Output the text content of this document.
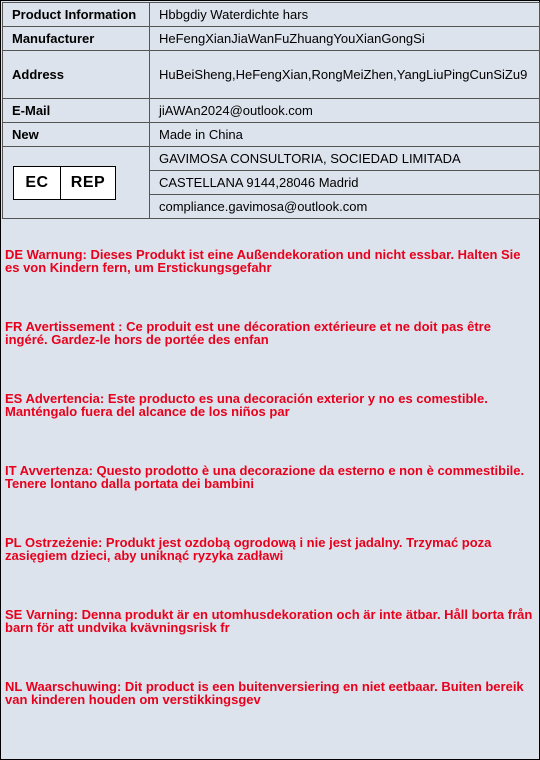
Product Information	Hbbgdiy Waterdichte hars
Manufacturer	HeFengXianJiaWanFuZhuangYouXianGongSi
Address	HuBeiSheng,HeFengXian,RongMeiZhen,YangLiuPingCunSiZu9
E-Mail	jiAWAn2024@outlook.com
New	Made in China

EC REP	GAVIMOSA CONSULTORIA, SOCIEDAD LIMITADA
	CASTELLANA 9144,28046 Madrid
	compliance.gavimosa@outlook.com

DE Warnung: Dieses Produkt ist eine Außendekoration und nicht essbar. Halten Sie es von Kindern fern, um Erstickungsgefahr

FR Avertissement : Ce produit est une décoration extérieure et ne doit pas être ingéré. Gardez-le hors de portée des enfan

ES Advertencia: Este producto es una decoración exterior y no es comestible. Manténgalo fuera del alcance de los niños par

IT Avvertenza: Questo prodotto è una decorazione da esterno e non è commestibile. Tenere lontano dalla portata dei bambini

PL Ostrzeżenie: Produkt jest ozdobą ogrodową i nie jest jadalny. Trzymać poza zasięgiem dzieci, aby uniknąć ryzyka zadławi

SE Varning: Denna produkt är en utomhusdekoration och är inte ätbar. Håll borta från barn för att undvika kvävningsrisk fr

NL Waarschuwing: Dit product is een buitenversiering en niet eetbaar. Buiten bereik van kinderen houden om verstikkingsgev
